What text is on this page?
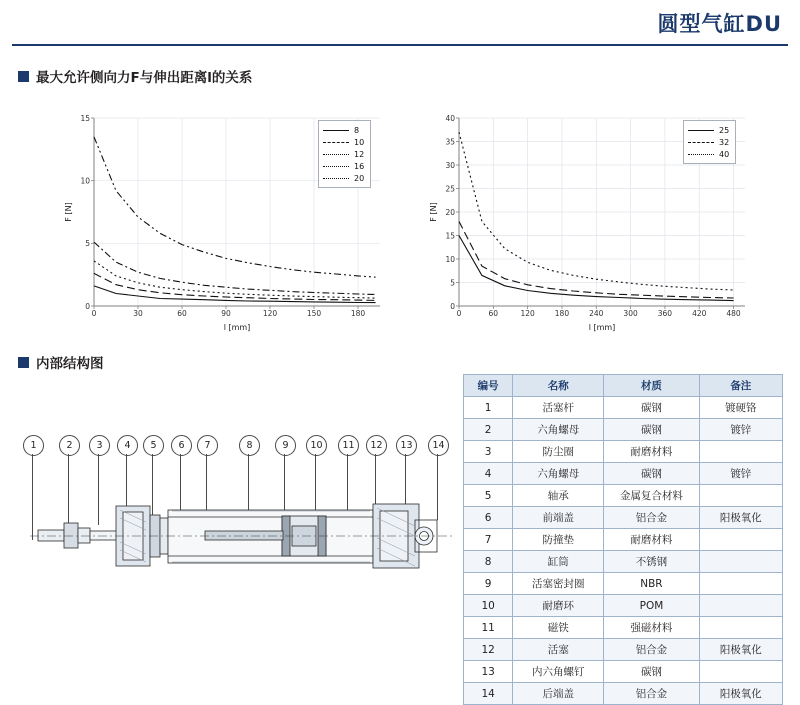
圆型气缸DU
最大允许侧向力F与伸出距离l的关系
0
5
10
15
0	30	60	90	120	150	180
l [mm]
F [N]
8
10
12
16
20
0
5
10
15
20
25
30
35
40
0	60	120	180	240	300	360	420	480
l [mm]
F [N]
25
32
40
内部结构图
1	2	3	4	5	6	7	8	9	10	11	12	13	14
编号	名称	材质	备注
1	活塞杆	碳钢	镀硬铬
2	六角螺母	碳钢	镀锌
3	防尘圈	耐磨材料	
4	六角螺母	碳钢	镀锌
5	轴承	金属复合材料	
6	前端盖	铝合金	阳极氧化
7	防撞垫	耐磨材料	
8	缸筒	不锈钢	
9	活塞密封圈	NBR	
10	耐磨环	POM	
11	磁铁	强磁材料	
12	活塞	铝合金	阳极氧化
13	内六角螺钉	碳钢	
14	后端盖	铝合金	阳极氧化
